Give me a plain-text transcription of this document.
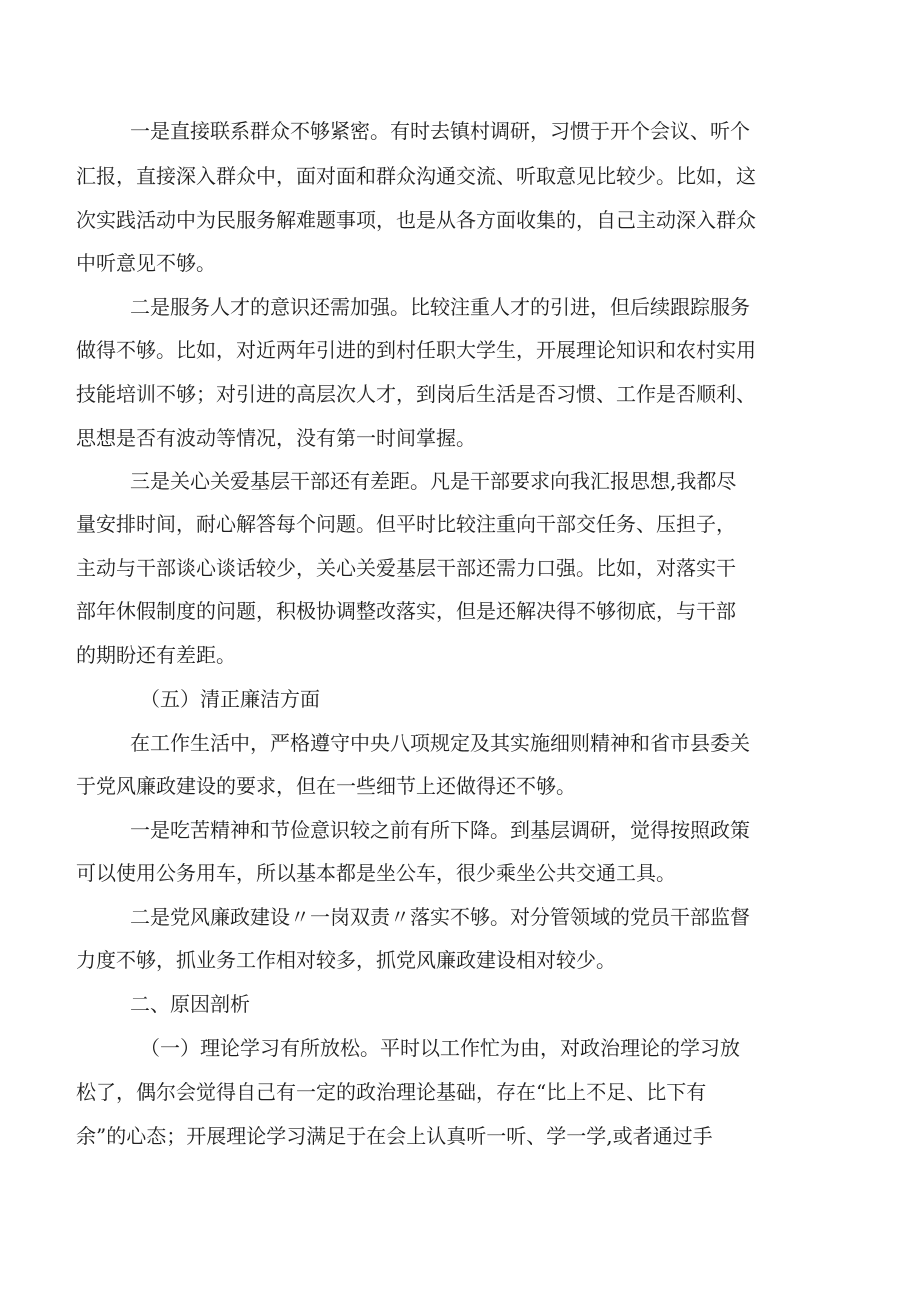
一是直接联系群众不够紧密。有时去镇村调研，习惯于开个会议、听个
汇报，直接深入群众中，面对面和群众沟通交流、听取意见比较少。比如，这
次实践活动中为民服务解难题事项，也是从各方面收集的，自己主动深入群众
中听意见不够。
二是服务人才的意识还需加强。比较注重人才的引进，但后续跟踪服务
做得不够。比如，对近两年引进的到村任职大学生，开展理论知识和农村实用
技能培训不够；对引进的高层次人才，到岗后生活是否习惯、工作是否顺利、
思想是否有波动等情况，没有第一时间掌握。
三是关心关爱基层干部还有差距。凡是干部要求向我汇报思想,我都尽
量安排时间，耐心解答每个问题。但平时比较注重向干部交任务、压担子，
主动与干部谈心谈话较少，关心关爱基层干部还需力口强。比如，对落实干
部年休假制度的问题，积极协调整改落实，但是还解决得不够彻底，与干部
的期盼还有差距。
（五）清正廉洁方面
在工作生活中，严格遵守中央八项规定及其实施细则精神和省市县委关
于党风廉政建设的要求，但在一些细节上还做得还不够。
一是吃苦精神和节俭意识较之前有所下降。到基层调研，觉得按照政策
可以使用公务用车，所以基本都是坐公车，很少乘坐公共交通工具。
二是党风廉政建设〃一岗双责〃落实不够。对分管领域的党员干部监督
力度不够，抓业务工作相对较多，抓党风廉政建设相对较少。
二、原因剖析
（一）理论学习有所放松。平时以工作忙为由，对政治理论的学习放
松了，偶尔会觉得自己有一定的政治理论基础，存在“比上不足、比下有
余”的心态；开展理论学习满足于在会上认真听一听、学一学,或者通过手
